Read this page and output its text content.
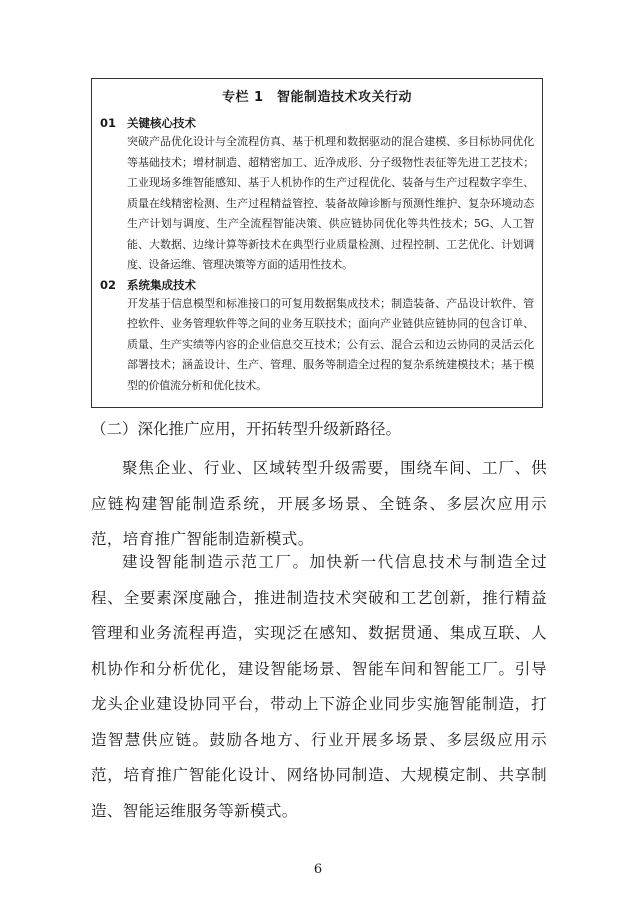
专栏 1　智能制造技术攻关行动
01 关键核心技术
突破产品优化设计与全流程仿真、基于机理和数据驱动的混合建模、多目标协同优化等基础技术；增材制造、超精密加工、近净成形、分子级物性表征等先进工艺技术；工业现场多维智能感知、基于人机协作的生产过程优化、装备与生产过程数字孪生、质量在线精密检测、生产过程精益管控、装备故障诊断与预测性维护、复杂环境动态生产计划与调度、生产全流程智能决策、供应链协同优化等共性技术；5G、人工智能、大数据、边缘计算等新技术在典型行业质量检测、过程控制、工艺优化、计划调度、设备运维、管理决策等方面的适用性技术。
02 系统集成技术
开发基于信息模型和标准接口的可复用数据集成技术；制造装备、产品设计软件、管控软件、业务管理软件等之间的业务互联技术；面向产业链供应链协同的包含订单、质量、生产实绩等内容的企业信息交互技术；公有云、混合云和边云协同的灵活云化部署技术；涵盖设计、生产、管理、服务等制造全过程的复杂系统建模技术；基于模型的价值流分析和优化技术。
（二）深化推广应用，开拓转型升级新路径。
聚焦企业、行业、区域转型升级需要，围绕车间、工厂、供应链构建智能制造系统，开展多场景、全链条、多层次应用示范，培育推广智能制造新模式。
建设智能制造示范工厂。加快新一代信息技术与制造全过程、全要素深度融合，推进制造技术突破和工艺创新，推行精益管理和业务流程再造，实现泛在感知、数据贯通、集成互联、人机协作和分析优化，建设智能场景、智能车间和智能工厂。引导龙头企业建设协同平台，带动上下游企业同步实施智能制造，打造智慧供应链。鼓励各地方、行业开展多场景、多层级应用示范，培育推广智能化设计、网络协同制造、大规模定制、共享制造、智能运维服务等新模式。
6
